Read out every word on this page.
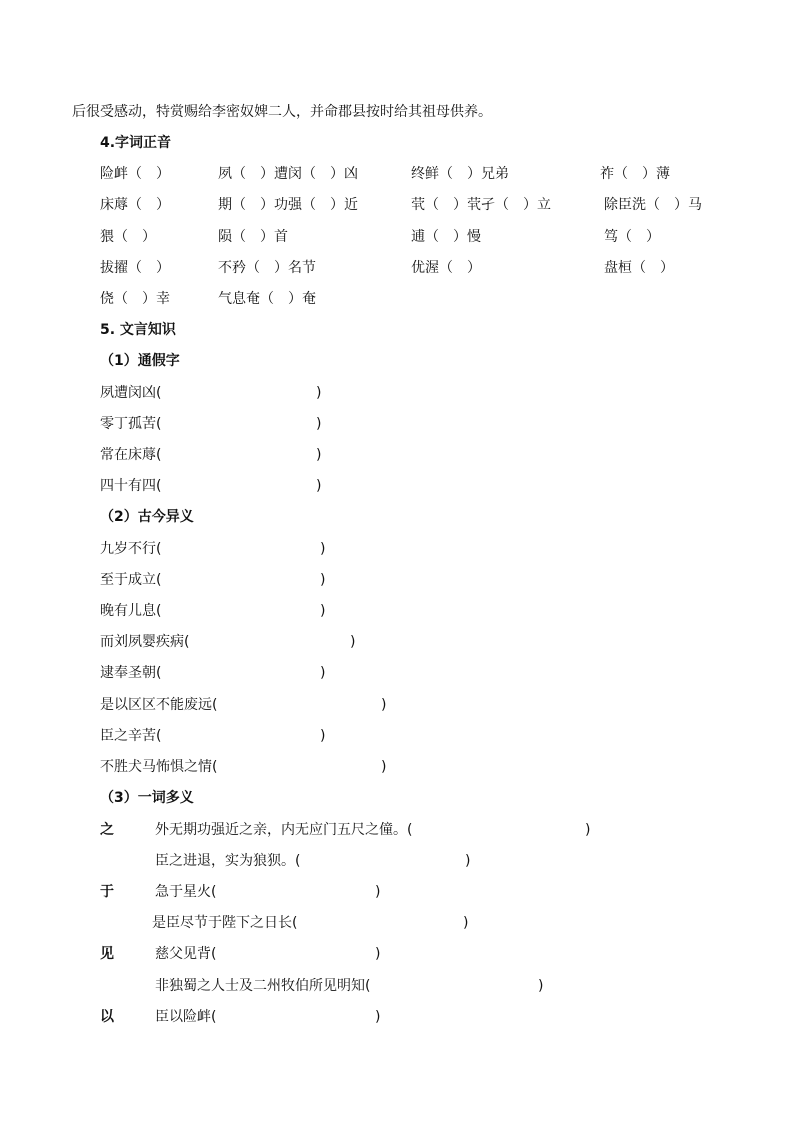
后很受感动，特赏赐给李密奴婢二人，并命郡县按时给其祖母供养。
4.字词正音
险衅（　）	夙（　）遭闵（　）凶	终鲜（　）兄弟	祚（　）薄
床蓐（　）	期（　）功强（　）近	茕（　）茕孑（　）立	除臣洗（　）马
猥（　）	陨（　）首	逋（　）慢	笃（　）
拔擢（　）	不矜（　）名节	优渥（　）	盘桓（　）
侥（　）幸	气息奄（　）奄
5. 文言知识
（1）通假字
夙遭闵凶(	)
零丁孤苦(	)
常在床蓐(	)
四十有四(	)
（2）古今异义
九岁不行(	)
至于成立(	)
晚有儿息(	)
而刘夙婴疾病(	)
逮奉圣朝(	)
是以区区不能废远(	)
臣之辛苦(	)
不胜犬马怖惧之情(	)
（3）一词多义
之	外无期功强近之亲，内无应门五尺之僮。(	)
臣之进退，实为狼狈。(	)
于	急于星火(	)
是臣尽节于陛下之日长(	)
见	慈父见背(	)
非独蜀之人士及二州牧伯所见明知(	)
以	臣以险衅(	)
